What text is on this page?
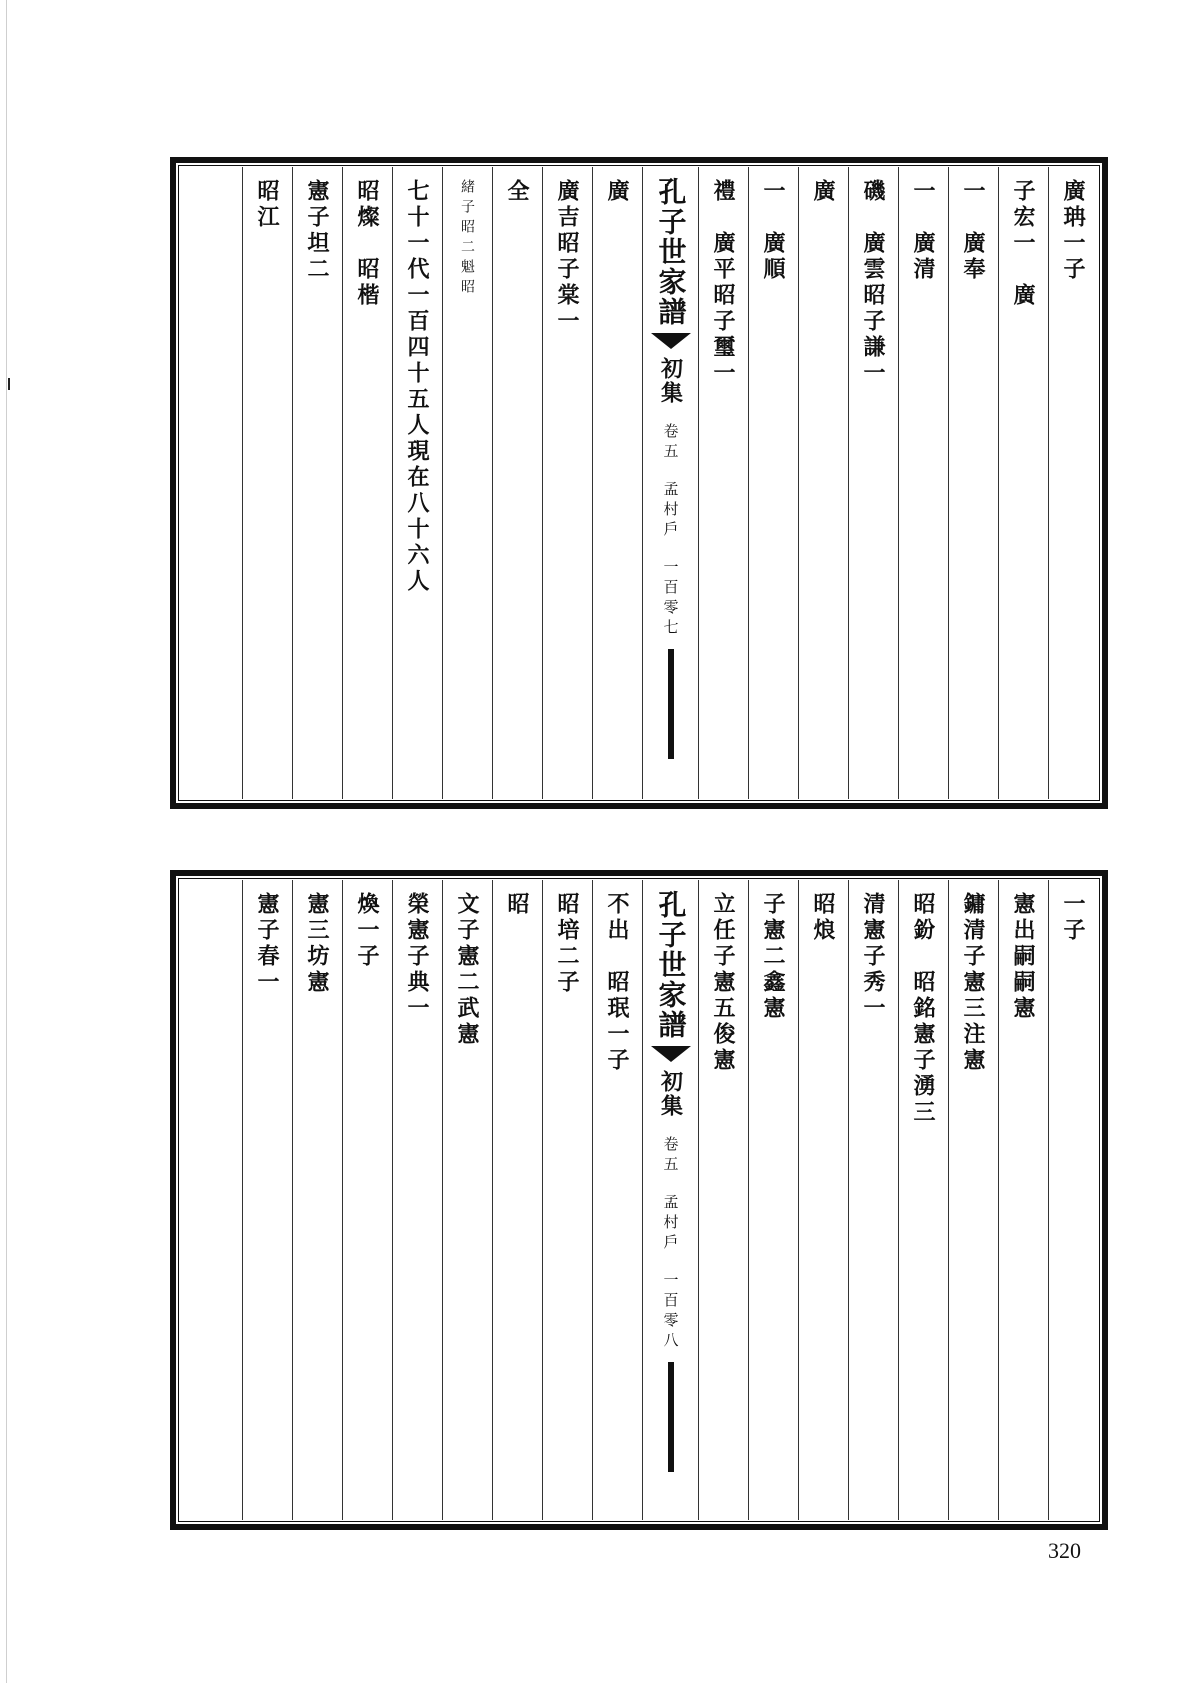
　　　　廣珃一子
　　　子宏一　廣
　　　一　廣奉
　　　一　廣清
　　磯　廣雲昭子謙一
　　　　廣
　　　一　廣順
　　禮　廣平昭子璽一
孔子世家譜
初集
卷五
孟村戶
一百零七
　　　　廣
　　　廣吉昭子棠一
　　　　全
緒子昭二魁昭
七十一代一百四十五人現在八十六人
　　　昭燦　昭楷
　　　憲子坦二
　　　　昭江
　　　　一子
　　　憲出嗣嗣憲
　　鏞清子憲三注憲
　　　昭鈖　昭銘憲子湧三
　　　清憲子秀一
　　　　昭烺
　　　子憲二鑫憲
　　立任子憲五俊憲
孔子世家譜
初集
卷五
孟村戶
一百零八
　　不出　昭珉一子
　　　　昭培二子
　　　　　昭
　　　文子憲二武憲
　　榮憲子典一
　　　煥一子
　　　　憲三坊憲
　　　　憲子春一
320
